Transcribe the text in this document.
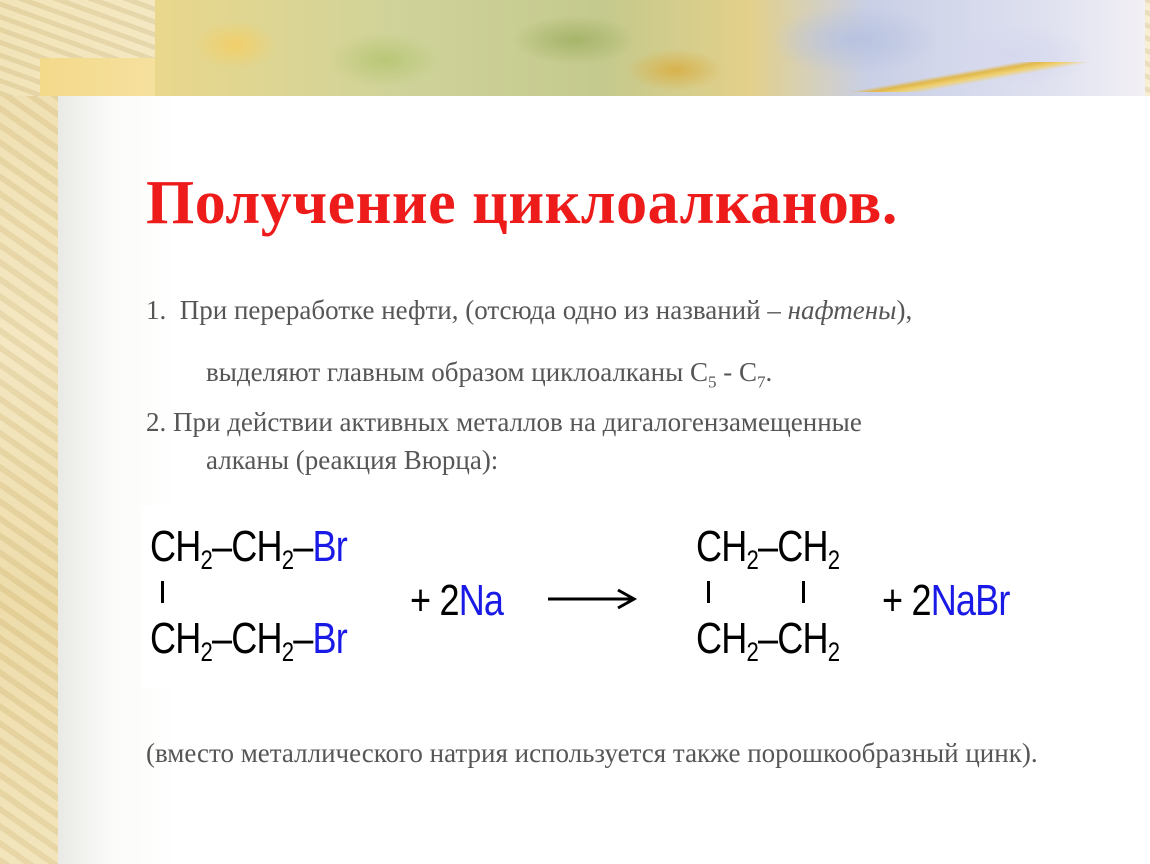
Получение циклоалканов.
1. При переработке нефти, (отсюда одно из названий – нафтены),
выделяют главным образом циклоалканы $С_5 - С_7$.
2. При действии активных металлов на дигалогензамещенные
алканы (реакция Вюрца):
$CH_2-CH_2-Br$
$CH_2-CH_2-Br$
+ 2Na
$CH_2-CH_2$
$CH_2-CH_2$
+ 2NaBr
(вместо металлического натрия используется также порошкообразный цинк).
